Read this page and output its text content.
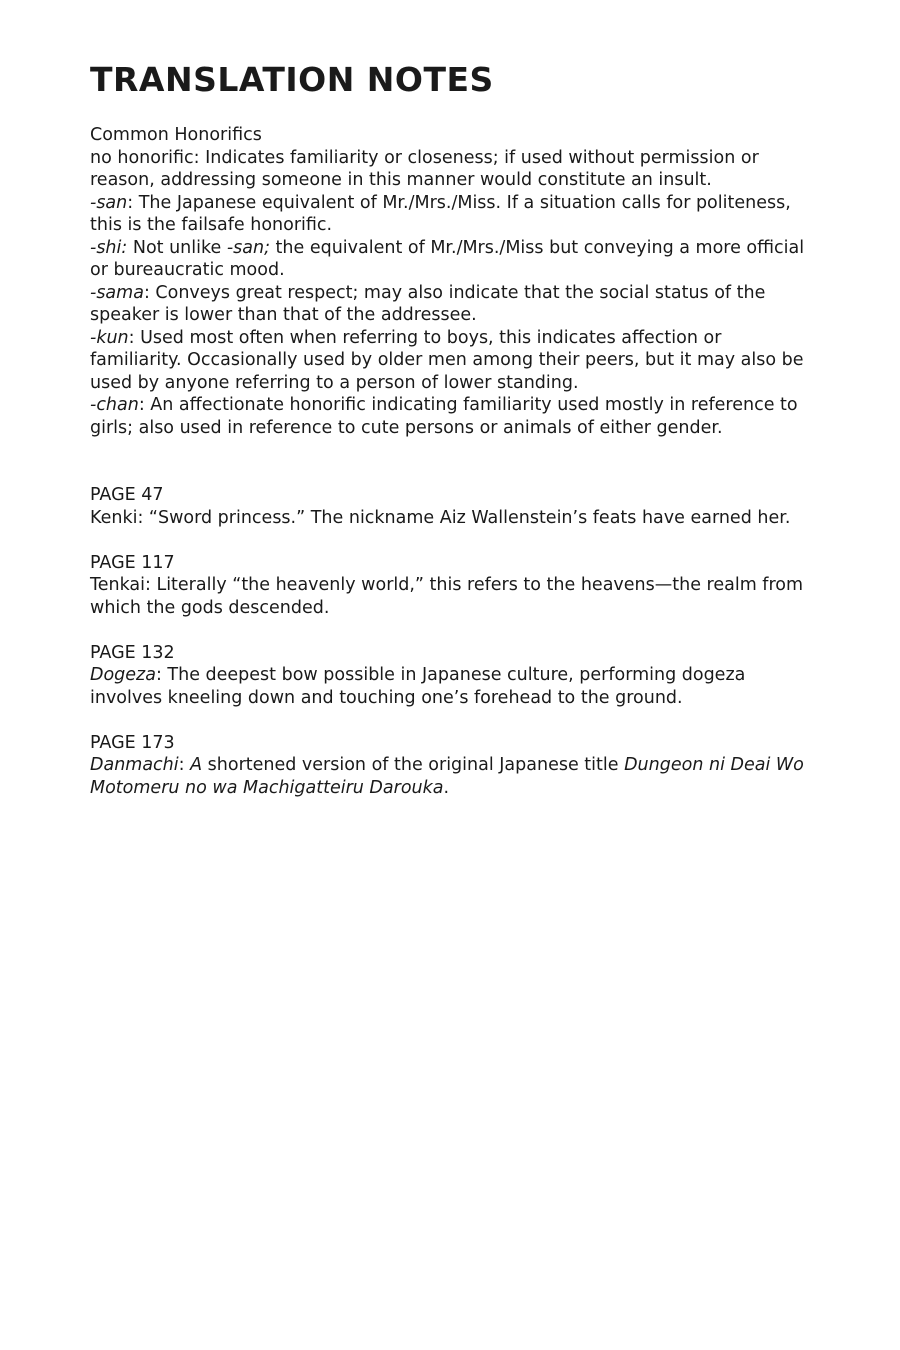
TRANSLATION NOTES
Common Honorifics
no honorific: Indicates familiarity or closeness; if used without permission or
reason, addressing someone in this manner would constitute an insult.
-san: The Japanese equivalent of Mr./Mrs./Miss. If a situation calls for politeness,
this is the failsafe honorific.
-shi: Not unlike -san; the equivalent of Mr./Mrs./Miss but conveying a more official
or bureaucratic mood.
-sama: Conveys great respect; may also indicate that the social status of the
speaker is lower than that of the addressee.
-kun: Used most often when referring to boys, this indicates affection or
familiarity. Occasionally used by older men among their peers, but it may also be
used by anyone referring to a person of lower standing.
-chan: An affectionate honorific indicating familiarity used mostly in reference to
girls; also used in reference to cute persons or animals of either gender.
PAGE 47
Kenki: “Sword princess.” The nickname Aiz Wallenstein’s feats have earned her.
PAGE 117
Tenkai: Literally “the heavenly world,” this refers to the heavens—the realm from
which the gods descended.
PAGE 132
Dogeza: The deepest bow possible in Japanese culture, performing dogeza
involves kneeling down and touching one’s forehead to the ground.
PAGE 173
Danmachi: A shortened version of the original Japanese title Dungeon ni Deai Wo
Motomeru no wa Machigatteiru Darouka.
